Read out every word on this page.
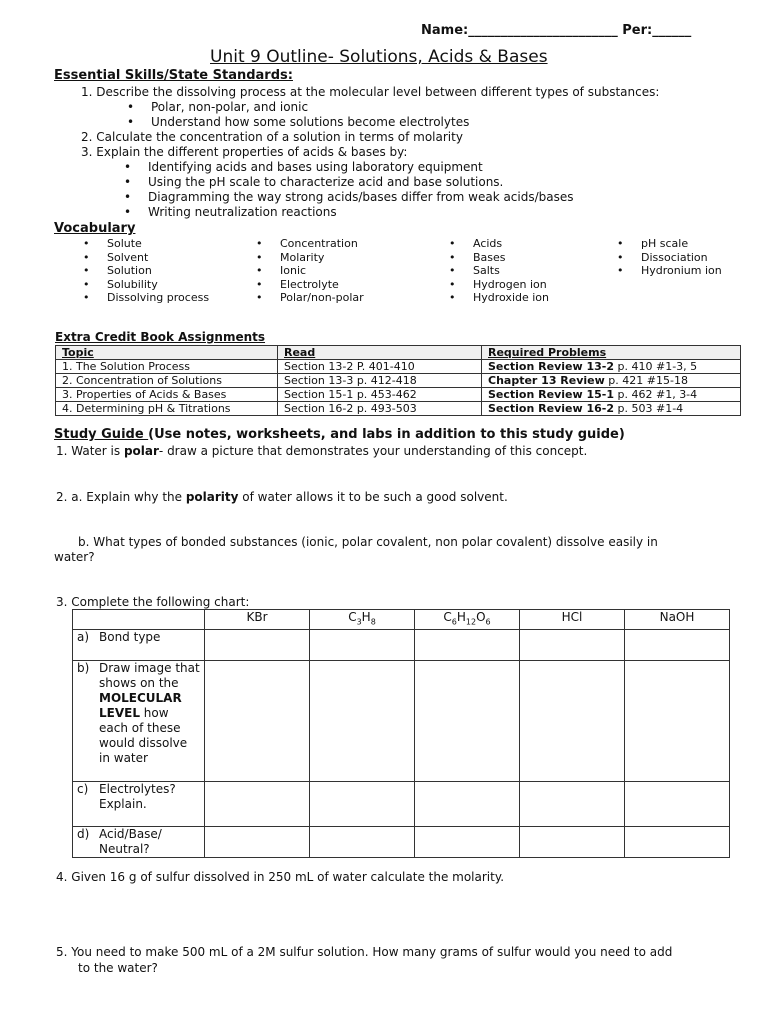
Name:_______________________ Per:______
Unit 9 Outline- Solutions, Acids & Bases
Essential Skills/State Standards:
1. Describe the dissolving process at the molecular level between different types of substances:
• Polar, non-polar, and ionic
• Understand how some solutions become electrolytes
2. Calculate the concentration of a solution in terms of molarity
3. Explain the different properties of acids & bases by:
• Identifying acids and bases using laboratory equipment
• Using the pH scale to characterize acid and base solutions.
• Diagramming the way strong acids/bases differ from weak acids/bases
• Writing neutralization reactions
Vocabulary
• Solute
• Solvent
• Solution
• Solubility
• Dissolving process
• Concentration
• Molarity
• Ionic
• Electrolyte
• Polar/non-polar
• Acids
• Bases
• Salts
• Hydrogen ion
• Hydroxide ion
• pH scale
• Dissociation
• Hydronium ion
Extra Credit Book Assignments
Topic	Read	Required Problems
1. The Solution Process	Section 13-2 P. 401-410	Section Review 13-2 p. 410 #1-3, 5
2. Concentration of Solutions	Section 13-3 p. 412-418	Chapter 13 Review p. 421 #15-18
3. Properties of Acids & Bases	Section 15-1 p. 453-462	Section Review 15-1 p. 462 #1, 3-4
4. Determining pH & Titrations	Section 16-2 p. 493-503	Section Review 16-2 p. 503 #1-4
Study Guide (Use notes, worksheets, and labs in addition to this study guide)
1. Water is polar- draw a picture that demonstrates your understanding of this concept.
2. a. Explain why the polarity of water allows it to be such a good solvent.
b. What types of bonded substances (ionic, polar covalent, non polar covalent) dissolve easily in
water?
3. Complete the following chart:
	KBr	$C_3H_8$	$C_6H_{12}O_6$	HCl	NaOH

a) Bond type					

b) Draw image that shows on the MOLECULAR LEVEL how each of these would dissolve in water					

c) Electrolytes? Explain.					

d) Acid/Base/ Neutral?					

4. Given 16 g of sulfur dissolved in 250 mL of water calculate the molarity.
5. You need to make 500 mL of a 2M sulfur solution. How many grams of sulfur would you need to add
to the water?
